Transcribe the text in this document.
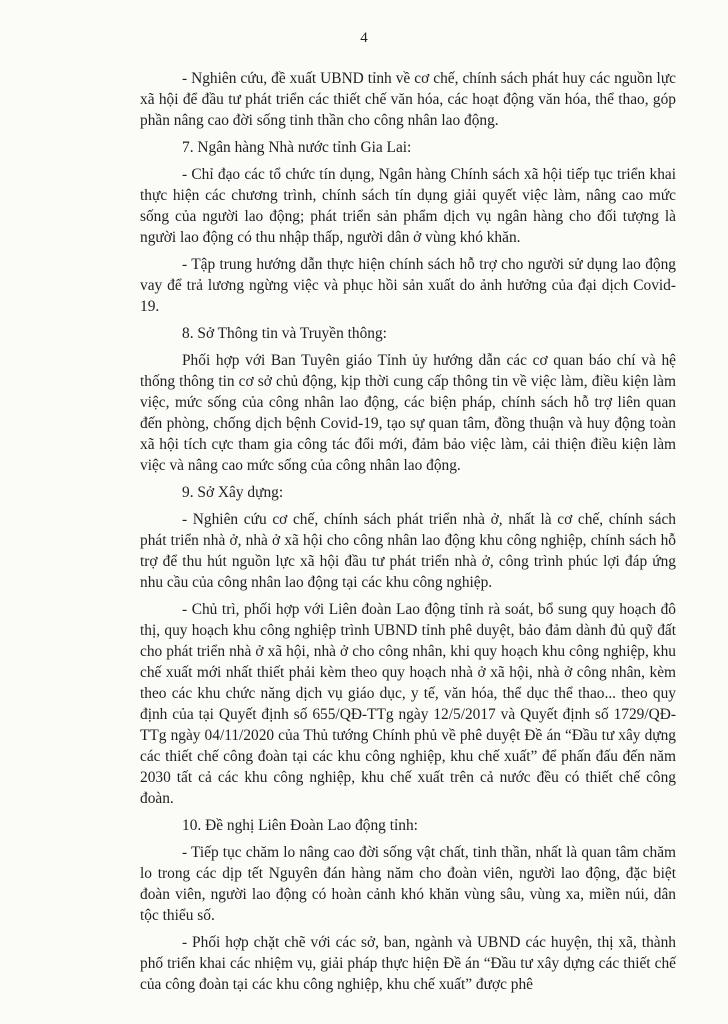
4

- Nghiên cứu, đề xuất UBND tỉnh về cơ chế, chính sách phát huy các nguồn lực xã hội để đầu tư phát triển các thiết chế văn hóa, các hoạt động văn hóa, thể thao, góp phần nâng cao đời sống tinh thần cho công nhân lao động.

7. Ngân hàng Nhà nước tỉnh Gia Lai:

- Chỉ đạo các tổ chức tín dụng, Ngân hàng Chính sách xã hội tiếp tục triển khai thực hiện các chương trình, chính sách tín dụng giải quyết việc làm, nâng cao mức sống của người lao động; phát triển sản phẩm dịch vụ ngân hàng cho đối tượng là người lao động có thu nhập thấp, người dân ở vùng khó khăn.

- Tập trung hướng dẫn thực hiện chính sách hỗ trợ cho người sử dụng lao động vay để trả lương ngừng việc và phục hồi sản xuất do ảnh hưởng của đại dịch Covid-19.

8. Sở Thông tin và Truyền thông:

Phối hợp với Ban Tuyên giáo Tỉnh ủy hướng dẫn các cơ quan báo chí và hệ thống thông tin cơ sở chủ động, kịp thời cung cấp thông tin về việc làm, điều kiện làm việc, mức sống của công nhân lao động, các biện pháp, chính sách hỗ trợ liên quan đến phòng, chống dịch bệnh Covid-19, tạo sự quan tâm, đồng thuận và huy động toàn xã hội tích cực tham gia công tác đổi mới, đảm bảo việc làm, cải thiện điều kiện làm việc và nâng cao mức sống của công nhân lao động.

9. Sở Xây dựng:

- Nghiên cứu cơ chế, chính sách phát triển nhà ở, nhất là cơ chế, chính sách phát triển nhà ở, nhà ở xã hội cho công nhân lao động khu công nghiệp, chính sách hỗ trợ để thu hút nguồn lực xã hội đầu tư phát triển nhà ở, công trình phúc lợi đáp ứng nhu cầu của công nhân lao động tại các khu công nghiệp.

- Chủ trì, phối hợp với Liên đoàn Lao động tỉnh rà soát, bổ sung quy hoạch đô thị, quy hoạch khu công nghiệp trình UBND tỉnh phê duyệt, bảo đảm dành đủ quỹ đất cho phát triển nhà ở xã hội, nhà ở cho công nhân, khi quy hoạch khu công nghiệp, khu chế xuất mới nhất thiết phải kèm theo quy hoạch nhà ở xã hội, nhà ở công nhân, kèm theo các khu chức năng dịch vụ giáo dục, y tế, văn hóa, thể dục thể thao... theo quy định của tại Quyết định số 655/QĐ-TTg ngày 12/5/2017 và Quyết định số 1729/QĐ-TTg ngày 04/11/2020 của Thủ tướng Chính phủ về phê duyệt Đề án “Đầu tư xây dựng các thiết chế công đoàn tại các khu công nghiệp, khu chế xuất” để phấn đấu đến năm 2030 tất cả các khu công nghiệp, khu chế xuất trên cả nước đều có thiết chế công đoàn.

10. Đề nghị Liên Đoàn Lao động tỉnh:

- Tiếp tục chăm lo nâng cao đời sống vật chất, tinh thần, nhất là quan tâm chăm lo trong các dịp tết Nguyên đán hàng năm cho đoàn viên, người lao động, đặc biệt đoàn viên, người lao động có hoàn cảnh khó khăn vùng sâu, vùng xa, miền núi, dân tộc thiểu số.

- Phối hợp chặt chẽ với các sở, ban, ngành và UBND các huyện, thị xã, thành phố triển khai các nhiệm vụ, giải pháp thực hiện Đề án “Đầu tư xây dựng các thiết chế của công đoàn tại các khu công nghiệp, khu chế xuất” được phê
